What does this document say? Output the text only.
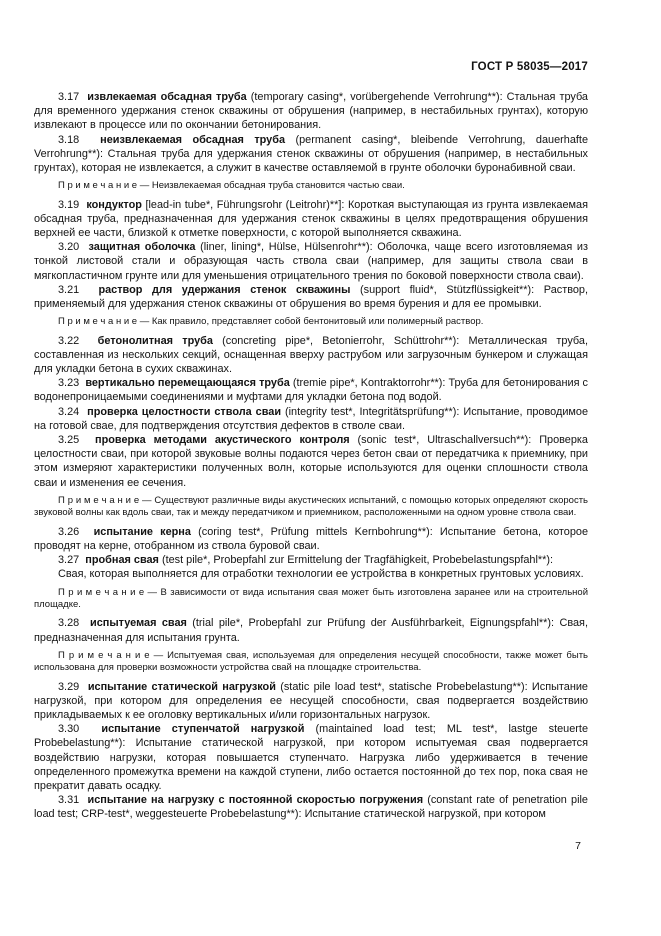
ГОСТ Р 58035—2017

3.17 извлекаемая обсадная труба (temporary casing*, vorübergehende Verrohrung**): Стальная труба для временного удержания стенок скважины от обрушения (например, в нестабильных грунтах), которую извлекают в процессе или по окончании бетонирования.

3.18 неизвлекаемая обсадная труба (permanent casing*, bleibende Verrohrung, dauerhafte Verrohrung**): Стальная труба для удержания стенок скважины от обрушения (например, в нестабильных грунтах), которая не извлекается, а служит в качестве оставляемой в грунте оболочки буронабивной сваи.

П р и м е ч а н и е — Неизвлекаемая обсадная труба становится частью сваи.

3.19 кондуктор [lead-in tube*, Führungsrohr (Leitrohr)**]: Короткая выступающая из грунта извлекаемая обсадная труба, предназначенная для удержания стенок скважины в целях предотвращения обрушения верхней ее части, близкой к отметке поверхности, с которой выполняется скважина.

3.20 защитная оболочка (liner, lining*, Hülse, Hülsenrohr**): Оболочка, чаще всего изготовляемая из тонкой листовой стали и образующая часть ствола сваи (например, для защиты ствола сваи в мягкопластичном грунте или для уменьшения отрицательного трения по боковой поверхности ствола сваи).

3.21 раствор для удержания стенок скважины (support fluid*, Stützflüssigkeit**): Раствор, применяемый для удержания стенок скважины от обрушения во время бурения и для ее промывки.

П р и м е ч а н и е — Как правило, представляет собой бентонитовый или полимерный раствор.

3.22 бетонолитная труба (concreting pipe*, Betonierrohr, Schüttrohr**): Металлическая труба, составленная из нескольких секций, оснащенная вверху раструбом или загрузочным бункером и служащая для укладки бетона в сухих скважинах.

3.23 вертикально перемещающаяся труба (tremie pipe*, Kontraktorrohr**): Труба для бетонирования с водонепроницаемыми соединениями и муфтами для укладки бетона под водой.

3.24 проверка целостности ствола сваи (integrity test*, Integritätsprüfung**): Испытание, проводимое на готовой свае, для подтверждения отсутствия дефектов в стволе сваи.

3.25 проверка методами акустического контроля (sonic test*, Ultraschallversuch**): Проверка целостности сваи, при которой звуковые волны подаются через бетон сваи от передатчика к приемнику, при этом измеряют характеристики полученных волн, которые используются для оценки сплошности ствола сваи и изменения ее сечения.

П р и м е ч а н и е — Существуют различные виды акустических испытаний, с помощью которых определяют скорость звуковой волны как вдоль сваи, так и между передатчиком и приемником, расположенными на одном уровне ствола сваи.

3.26 испытание керна (coring test*, Prüfung mittels Kernbohrung**): Испытание бетона, которое проводят на керне, отобранном из ствола буровой сваи.

3.27 пробная свая (test pile*, Probepfahl zur Ermittelung der Tragfähigkeit, Probebelastungspfahl**):

Свая, которая выполняется для отработки технологии ее устройства в конкретных грунтовых условиях.

П р и м е ч а н и е — В зависимости от вида испытания свая может быть изготовлена заранее или на строительной площадке.

3.28 испытуемая свая (trial pile*, Probepfahl zur Prüfung der Ausführbarkeit, Eignungspfahl**): Свая, предназначенная для испытания грунта.

П р и м е ч а н и е — Испытуемая свая, используемая для определения несущей способности, также может быть использована для проверки возможности устройства свай на площадке строительства.

3.29 испытание статической нагрузкой (static pile load test*, statische Probebelastung**): Испытание нагрузкой, при котором для определения ее несущей способности, свая подвергается воздействию прикладываемых к ее оголовку вертикальных и/или горизонтальных нагрузок.

3.30 испытание ступенчатой нагрузкой (maintained load test; ML test*, lastge steuerte Probebelastung**): Испытание статической нагрузкой, при котором испытуемая свая подвергается воздействию нагрузки, которая повышается ступенчато. Нагрузка либо удерживается в течение определенного промежутка времени на каждой ступени, либо остается постоянной до тех пор, пока свая не прекратит давать осадку.

3.31 испытание на нагрузку с постоянной скоростью погружения (constant rate of penetration pile load test; CRP-test*, weggesteuerte Probebelastung**): Испытание статической нагрузкой, при котором

7
